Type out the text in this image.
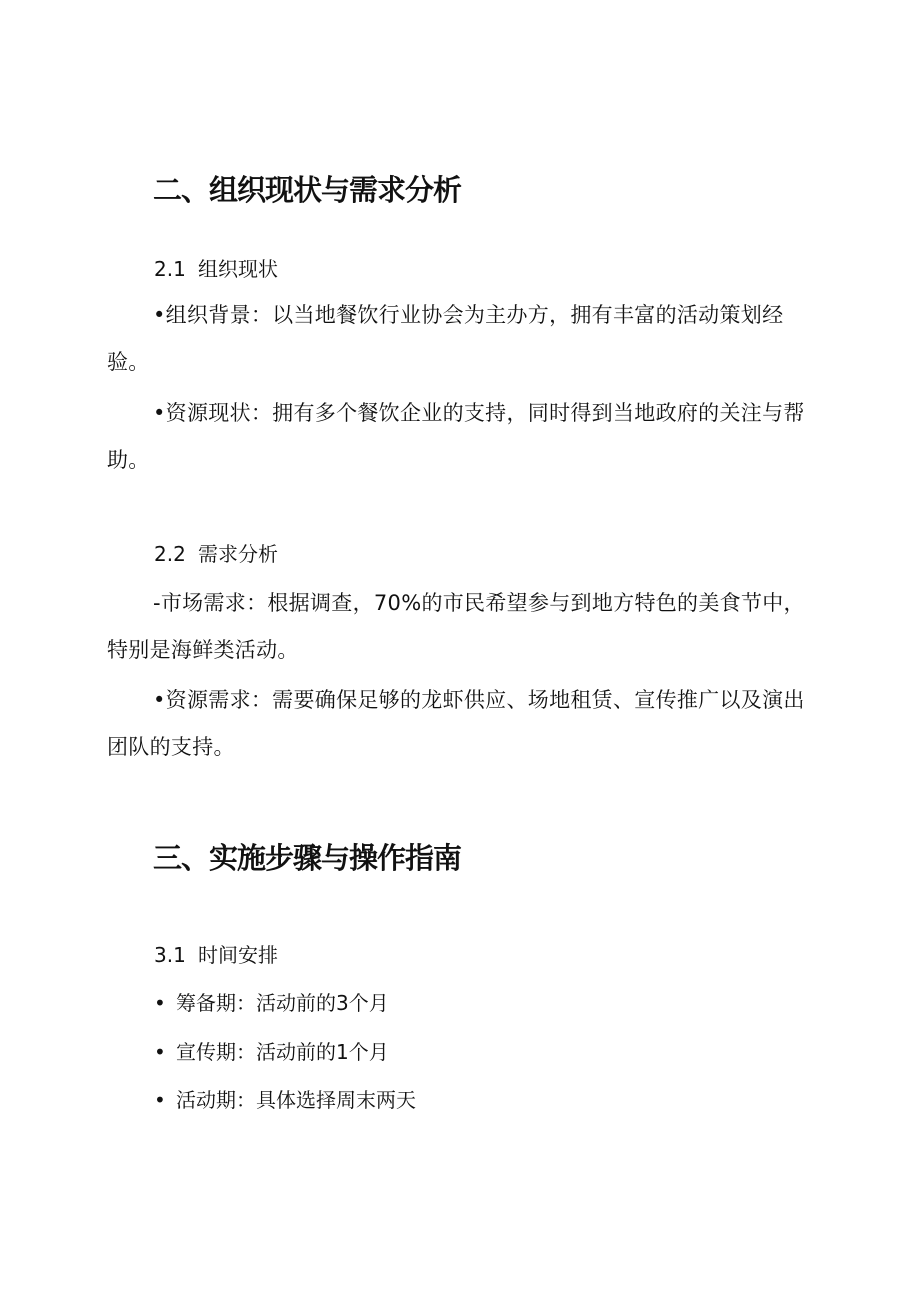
二、组织现状与需求分析
2.1 组织现状
•组织背景：以当地餐饮行业协会为主办方，拥有丰富的活动策划经验。
•资源现状：拥有多个餐饮企业的支持，同时得到当地政府的关注与帮助。
2.2 需求分析
-市场需求：根据调查，70%的市民希望参与到地方特色的美食节中，特别是海鲜类活动。
•资源需求：需要确保足够的龙虾供应、场地租赁、宣传推广以及演出团队的支持。
三、实施步骤与操作指南
3.1 时间安排
• 筹备期：活动前的3个月
• 宣传期：活动前的1个月
• 活动期：具体选择周末两天
